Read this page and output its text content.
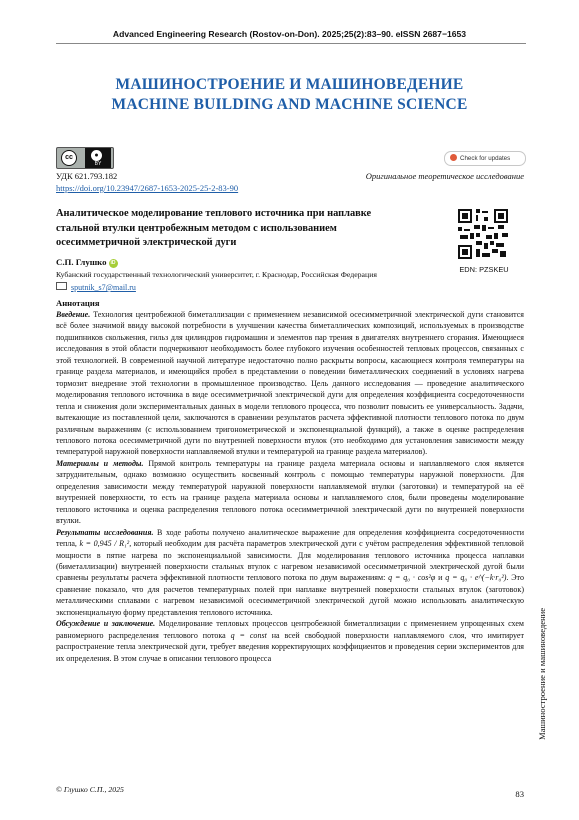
Advanced Engineering Research (Rostov-on-Don). 2025;25(2):83–90. eISSN 2687−1653
МАШИНОСТРОЕНИЕ И МАШИНОВЕДЕНИЕ
MACHINE BUILDING AND MACHINE SCIENCE
cc	●
BY
Check for updates
УДК 621.793.182
https://doi.org/10.23947/2687-1653-2025-25-2-83-90
Оригинальное теоретическое исследование
Аналитическое моделирование теплового источника при наплавке стальной втулки центробежным методом с использованием осесимметричной электрической дуги
EDN: PZSKEU
С.П. Глушко iD
Кубанский государственный технологический университет, г. Краснодар, Российская Федерация
sputnik_s7@mail.ru
Аннотация

Введение. Технология центробежной биметаллизации с применением независимой осесимметричной электрической дуги становится всё более значимой ввиду высокой потребности в улучшении качества биметаллических композиций, используемых в производстве подшипников скольжения, гильз для цилиндров гидромашин и элементов пар трения в двигателях внутреннего сгорания. Имеющиеся исследования в этой области подчеркивают необходимость более глубокого изучения особенностей тепловых процессов, связанных с этой технологией. В современной научной литературе недостаточно полно раскрыты вопросы, касающиеся контроля температуры на границе раздела материалов, и имеющийся пробел в представлении о поведении биметаллических соединений в условиях нагрева тормозит внедрение этой технологии в промышленное производство. Цель данного исследования — проведение аналитического моделирования теплового источника в виде осесимметричной электрической дуги для определения коэффициента сосредоточенности тепла и снижения доли экспериментальных данных в модели теплового процесса, что позволит повысить ее универсальность. Задачи, вытекающие из поставленной цели, заключаются в сравнении результатов расчета эффективной плотности теплового потока по двум различным выражениям (с использованием тригонометрической и экспоненциальной функций), а также в оценке распределения теплового потока осесимметричной дуги по внутренней поверхности втулок (это необходимо для установления зависимости между температурой наружной поверхности наплавляемой втулки и температурой на границе раздела материалов).

Материалы и методы. Прямой контроль температуры на границе раздела материала основы и наплавляемого слоя является затруднительным, однако возможно осуществить косвенный контроль с помощью температуры наружной поверхности. Для определения зависимости между температурой наружной поверхности наплавляемой втулки (заготовки) и температурой на её внутренней поверхности, то есть на границе раздела материала основы и наплавляемого слоя, были проведены моделирование теплового источника и оценка распределения теплового потока осесимметричной электрической дуги по внутренней поверхности втулки.

Результаты исследования. В ходе работы получено аналитическое выражение для определения коэффициента сосредоточенности тепла, k = 0,945 / R₁², который необходим для расчёта параметров электрической дуги с учётом распределения эффективной тепловой мощности в пятне нагрева по экспоненциальной зависимости. Для моделирования теплового источника процесса наплавки (биметаллизации) внутренней поверхности стальных втулок с нагревом независимой осесимметричной электрической дугой были сравнены результаты расчета эффективной плотности теплового потока по двум выражениям: q = q₀ · cos²φ и q = q₀ · e^(−k·r₀²). Это сравнение показало, что для расчетов температурных полей при наплавке внутренней поверхности стальных втулок (заготовок) металлическими сплавами с нагревом независимой осесимметричной электрической дугой можно использовать аналитическую экспоненциальную форму представления теплового источника.

Обсуждение и заключение. Моделирование тепловых процессов центробежной биметаллизации с применением упрощенных схем равномерного распределения теплового потока q = const на всей свободной поверхности наплавляемого слоя, что имитирует распространение тепла электрической дуги, требует введения корректирующих коэффициентов и проведения серии экспериментов для их определения. В этом случае в описании теплового процесса	Машиностроение и машиноведение
© Глушко С.П., 2025	83
